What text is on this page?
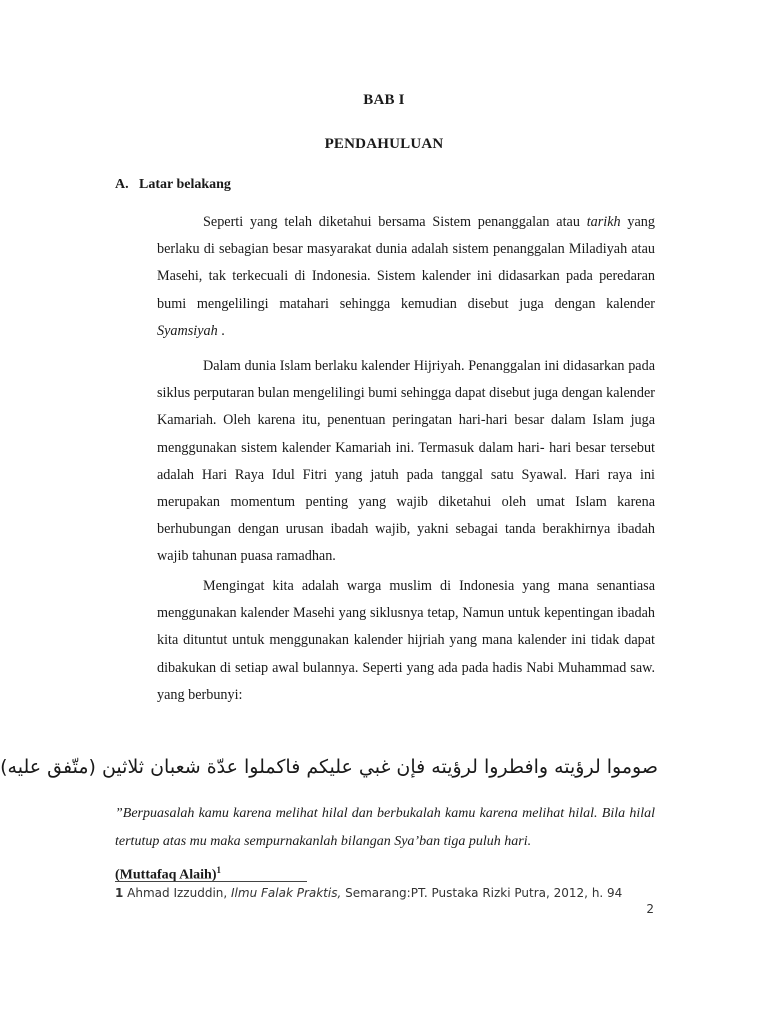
BAB I
PENDAHULUAN
A. Latar belakang

Seperti yang telah diketahui bersama Sistem penanggalan atau tarikh yang berlaku di sebagian besar masyarakat dunia adalah sistem penanggalan Miladiyah atau Masehi, tak terkecuali di Indonesia. Sistem kalender ini didasarkan pada peredaran bumi mengelilingi matahari sehingga kemudian disebut juga dengan kalender Syamsiyah .

Dalam dunia Islam berlaku kalender Hijriyah. Penanggalan ini didasarkan pada siklus perputaran bulan mengelilingi bumi sehingga dapat disebut juga dengan kalender Kamariah. Oleh karena itu, penentuan peringatan hari-hari besar dalam Islam juga menggunakan sistem kalender Kamariah ini. Termasuk dalam hari- hari besar tersebut adalah Hari Raya Idul Fitri yang jatuh pada tanggal satu Syawal. Hari raya ini merupakan momentum penting yang wajib diketahui oleh umat Islam karena berhubungan dengan urusan ibadah wajib, yakni sebagai tanda berakhirnya ibadah wajib tahunan puasa ramadhan.

Mengingat kita adalah warga muslim di Indonesia yang mana senantiasa menggunakan kalender Masehi yang siklusnya tetap, Namun untuk kepentingan ibadah kita dituntut untuk menggunakan kalender hijriah yang mana kalender ini tidak dapat dibakukan di setiap awal bulannya. Seperti yang ada pada hadis Nabi Muhammad saw. yang berbunyi:

صوموا لرؤيته وافطروا لرؤيته فإن غبي عليكم فاكملوا عدّة شعبان ثلاثين (متّفق عليه)
”Berpuasalah kamu karena melihat hilal dan berbukalah kamu karena melihat hilal. Bila hilal tertutup atas mu maka sempurnakanlah bilangan Sya’ban tiga puluh hari.
(Muttafaq Alaih)$^1$
1 Ahmad Izzuddin, Ilmu Falak Praktis, Semarang:PT. Pustaka Rizki Putra, 2012, h. 94
2
